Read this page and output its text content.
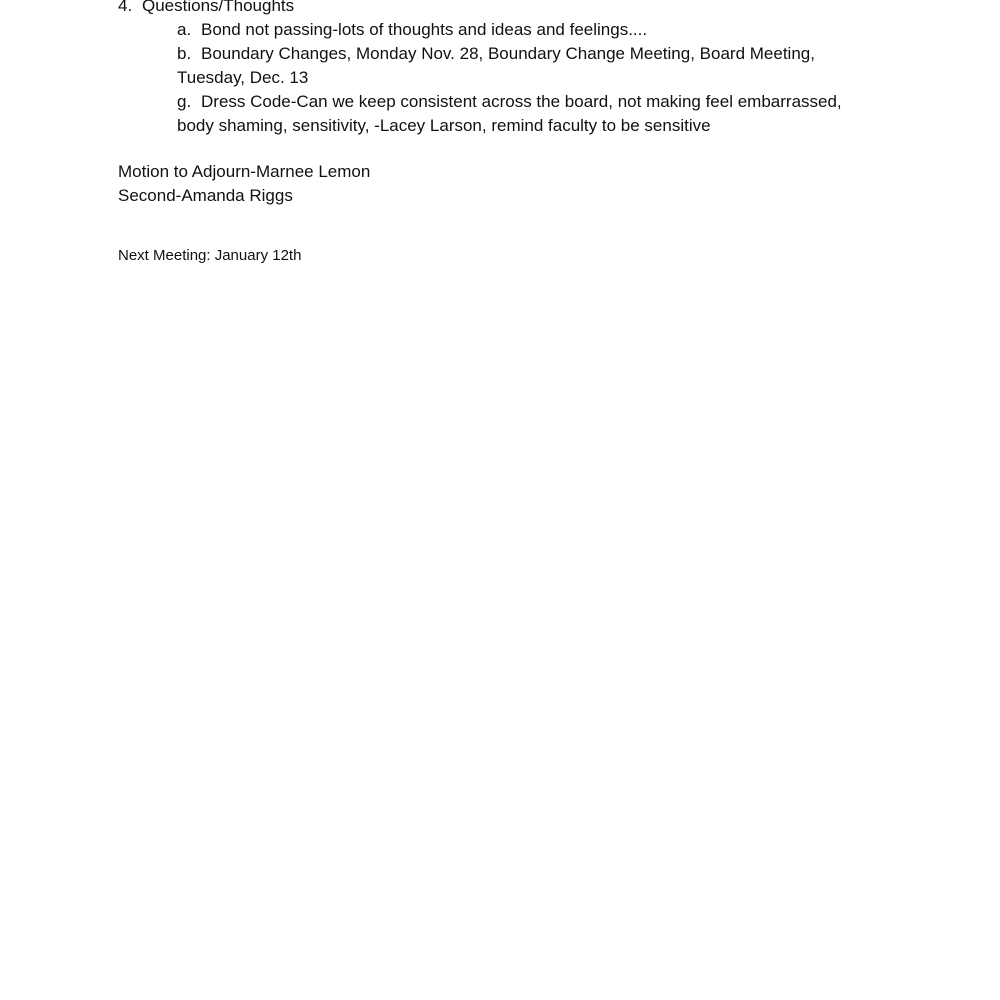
4. Questions/Thoughts

a. Bond not passing-lots of thoughts and ideas and feelings....

b. Boundary Changes, Monday Nov. 28, Boundary Change Meeting, Board Meeting,

Tuesday, Dec. 13

g. Dress Code-Can we keep consistent across the board, not making feel embarrassed,

body shaming, sensitivity, -Lacey Larson, remind faculty to be sensitive

Motion to Adjourn-Marnee Lemon

Second-Amanda Riggs

Next Meeting: January 12th
